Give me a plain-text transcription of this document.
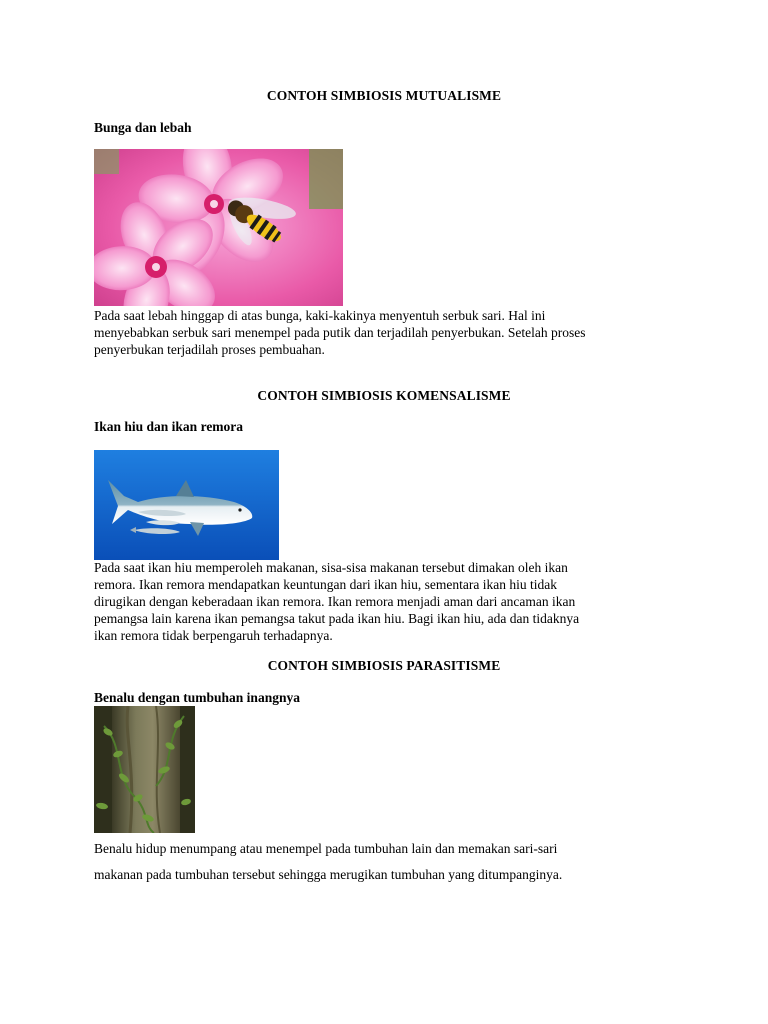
CONTOH SIMBIOSIS MUTUALISME
Bunga dan lebah
Pada saat lebah hinggap di atas bunga, kaki-kakinya menyentuh serbuk sari. Hal ini
menyebabkan serbuk sari menempel pada putik dan terjadilah penyerbukan. Setelah proses
penyerbukan terjadilah proses pembuahan.
CONTOH SIMBIOSIS KOMENSALISME
Ikan hiu dan ikan remora
Pada saat ikan hiu memperoleh makanan, sisa-sisa makanan tersebut dimakan oleh ikan
remora. Ikan remora mendapatkan keuntungan dari ikan hiu, sementara ikan hiu tidak
dirugikan dengan keberadaan ikan remora. Ikan remora menjadi aman dari ancaman ikan
pemangsa lain karena ikan pemangsa takut pada ikan hiu. Bagi ikan hiu, ada dan tidaknya
ikan remora tidak berpengaruh terhadapnya.
CONTOH SIMBIOSIS PARASITISME
Benalu dengan tumbuhan inangnya
Benalu hidup menumpang atau menempel pada tumbuhan lain dan memakan sari-sari
makanan pada tumbuhan tersebut sehingga merugikan tumbuhan yang ditumpanginya.
